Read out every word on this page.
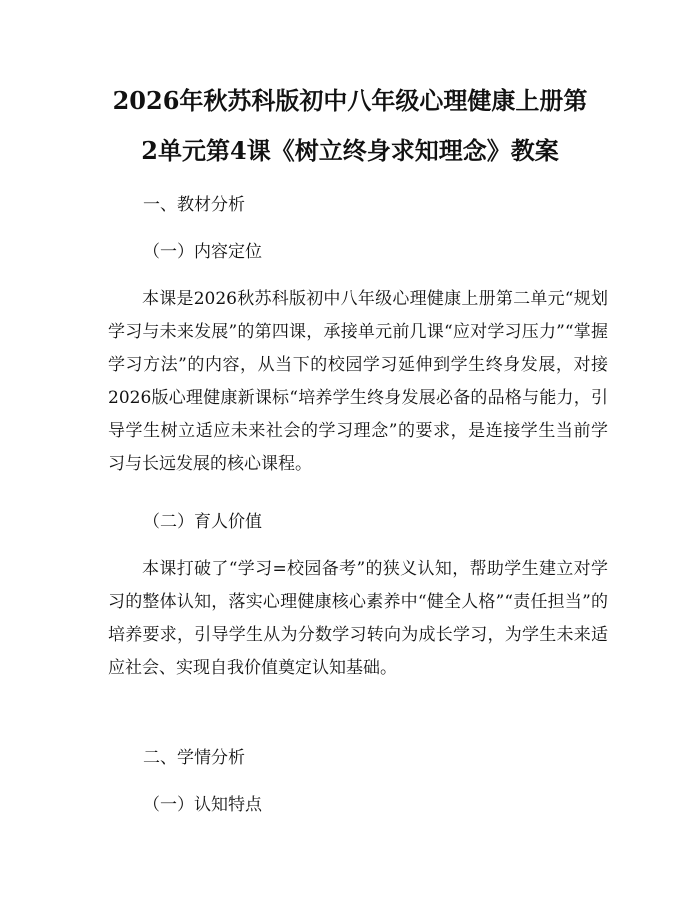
2026年秋苏科版初中八年级心理健康上册第
2单元第4课《树立终身求知理念》教案
一、教材分析
（一）内容定位
本课是2026秋苏科版初中八年级心理健康上册第二单元“规划学习与未来发展”的第四课，承接单元前几课“应对学习压力”“掌握学习方法”的内容，从当下的校园学习延伸到学生终身发展，对接2026版心理健康新课标“培养学生终身发展必备的品格与能力，引导学生树立适应未来社会的学习理念”的要求，是连接学生当前学习与长远发展的核心课程。
（二）育人价值
本课打破了“学习=校园备考”的狭义认知，帮助学生建立对学习的整体认知，落实心理健康核心素养中“健全人格”“责任担当”的培养要求，引导学生从为分数学习转向为成长学习，为学生未来适应社会、实现自我价值奠定认知基础。
二、学情分析
（一）认知特点
